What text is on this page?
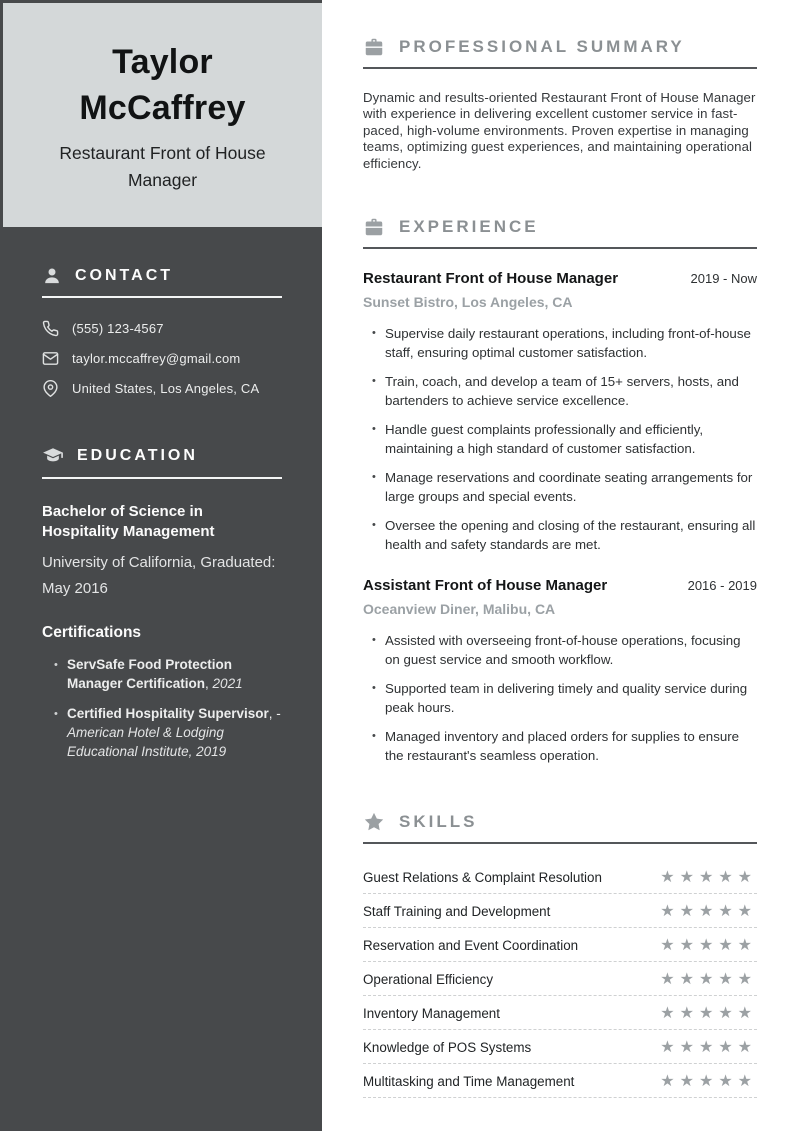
Taylor McCaffrey
Restaurant Front of House Manager
CONTACT
(555) 123-4567
taylor.mccaffrey@gmail.com
United States, Los Angeles, CA
EDUCATION
Bachelor of Science in Hospitality Management
University of California, Graduated: May 2016
Certifications
• ServSafe Food Protection Manager Certification, 2021
• Certified Hospitality Supervisor, - American Hotel & Lodging Educational Institute, 2019
PROFESSIONAL SUMMARY

Dynamic and results-oriented Restaurant Front of House Manager with experience in delivering excellent customer service in fast-paced, high-volume environments. Proven expertise in managing teams, optimizing guest experiences, and maintaining operational efficiency.

EXPERIENCE
Restaurant Front of House Manager	2019 - Now
Sunset Bistro, Los Angeles, CA
• Supervise daily restaurant operations, including front-of-house staff, ensuring optimal customer satisfaction.
• Train, coach, and develop a team of 15+ servers, hosts, and bartenders to achieve service excellence.
• Handle guest complaints professionally and efficiently, maintaining a high standard of customer satisfaction.
• Manage reservations and coordinate seating arrangements for large groups and special events.
• Oversee the opening and closing of the restaurant, ensuring all health and safety standards are met.
Assistant Front of House Manager	2016 - 2019
Oceanview Diner, Malibu, CA
• Assisted with overseeing front-of-house operations, focusing on guest service and smooth workflow.
• Supported team in delivering timely and quality service during peak hours.
• Managed inventory and placed orders for supplies to ensure the restaurant's seamless operation.
SKILLS
Guest Relations & Complaint Resolution	★★★★★
Staff Training and Development	★★★★★
Reservation and Event Coordination	★★★★★
Operational Efficiency	★★★★★
Inventory Management	★★★★★
Knowledge of POS Systems	★★★★★
Multitasking and Time Management	★★★★★
